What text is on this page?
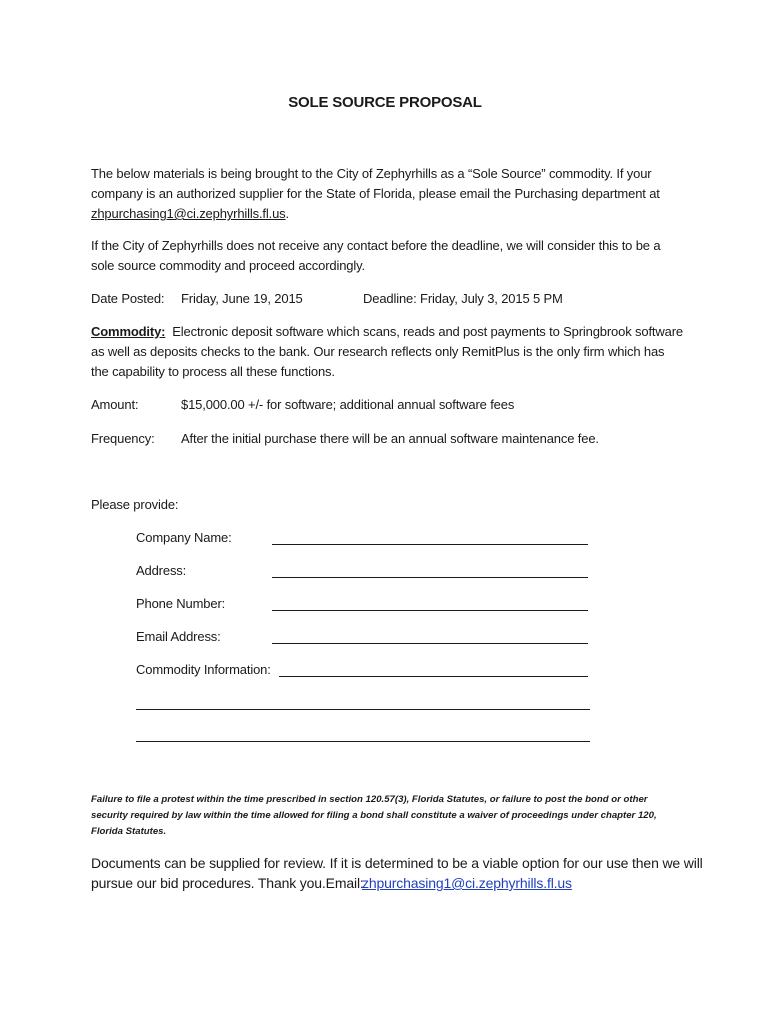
SOLE SOURCE PROPOSAL
The below materials is being brought to the City of Zephyrhills as a “Sole Source” commodity. If your
company is an authorized supplier for the State of Florida, please email the Purchasing department at
zhpurchasing1@ci.zephyrhills.fl.us.
If the City of Zephyrhills does not receive any contact before the deadline, we will consider this to be a
sole source commodity and proceed accordingly.
Date Posted: Friday, June 19, 2015	Deadline: Friday, July 3, 2015 5 PM
Commodity: Electronic deposit software which scans, reads and post payments to Springbrook software
as well as deposits checks to the bank. Our research reflects only RemitPlus is the only firm which has
the capability to process all these functions.
Amount:	$15,000.00 +/- for software; additional annual software fees
Frequency: After the initial purchase there will be an annual software maintenance fee.
Please provide:
Company Name:
Address:
Phone Number:
Email Address:
Commodity Information:
Failure to file a protest within the time prescribed in section 120.57(3), Florida Statutes, or failure to post the bond or other
security required by law within the time allowed for filing a bond shall constitute a waiver of proceedings under chapter 120,
Florida Statutes.
Documents can be supplied for review. If it is determined to be a viable option for our use then we will
pursue our bid procedures. Thank you.Email:
zhpurchasing1@ci.zephyrhills.fl.us
